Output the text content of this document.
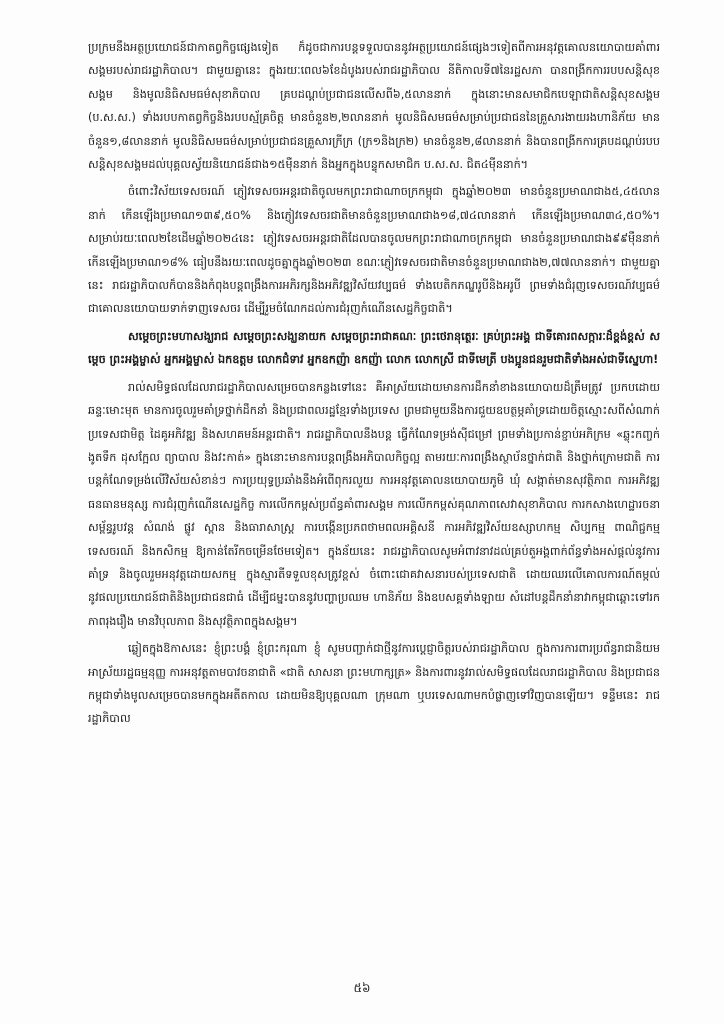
ប្រក្រមនឹងអត្ថប្រយោជន៍ជាកាតព្វកិច្ចផ្សេងទៀត ក៏ដូចជាការបន្តទទួលបាននូវអត្ថប្រយោជន៍ផ្សេងៗទៀតពីការអនុវត្តគោលនយោបាយគាំពារសង្គមរបស់រាជរដ្ឋាភិបាល។ ជាមួយគ្នានេះ ក្នុងរយៈពេល៦ខែដំបូងរបស់រាជរដ្ឋាភិបាល នីតិកាលទី៧នៃរដ្ឋសភា បានពង្រីកការរបបសន្តិសុខសង្គម និងមូលនិធិសមធម៌សុខាភិបាល គ្របដណ្តប់ប្រជាជនលើសពី៦,៥លាននាក់ ក្នុងនោះមានសមាជិកបេឡាជាតិសន្តិសុខសង្គម (ប.ស.ស.) ទាំងរបបកាតព្វកិច្ចនិងរបបស្ម័គ្រចិត្ត មានចំនួន២,២លាននាក់ មូលនិធិសមធម៌សម្រាប់ប្រជាជននៃគ្រួសារងាយរងហានិភ័យ មានចំនួន១,៨លាននាក់ មូលនិធិសមធម៌សម្រាប់ប្រជាជនគ្រួសារក្រីក្រ (ក្រ១និងក្រ២) មានចំនួន២,៨លាននាក់ និងបានពង្រីកការគ្របដណ្តប់របបសន្តិសុខសង្គមដល់បុគ្គលស្វ័យនិយោជន៍ជាង១៥ម៉ឺននាក់ និងអ្នកក្នុងបន្ទុកសមាជិក ប.ស.ស. ជិត៤ម៉ឺននាក់។

ចំពោះវិស័យទេសចរណ៍ ភ្ញៀវទេសចរអន្តរជាតិចូលមកព្រះរាជាណាចក្រកម្ពុជា ក្នុងឆ្នាំ២០២៣ មានចំនួនប្រមាណជាង៥,៤៥លាននាក់ កើនឡើងប្រមាណ១៣៩,៥០% និងភ្ញៀវទេសចរជាតិមានចំនួនប្រមាណជាង១៨,៧៤លាននាក់ កើនឡើងប្រមាណ៣៤,៥០%។ សម្រាប់រយៈពេល២ខែដើមឆ្នាំ២០២៤នេះ ភ្ញៀវទេសចរអន្តរជាតិដែលបានចូលមកព្រះរាជាណាចក្រកម្ពុជា មានចំនួនប្រមាណជាង៩៩ម៉ឺននាក់ កើនឡើងប្រមាណ១៨% ធៀបនឹងរយៈពេលដូចគ្នាក្នុងឆ្នាំ២០២៣ ខណៈភ្ញៀវទេសចរជាតិមានចំនួនប្រមាណជាង២,៧៧លាននាក់។ ជាមួយគ្នានេះ រាជរដ្ឋាភិបាលក៏បាននិងកំពុងបន្តពង្រឹងការអភិរក្សនិងអភិវឌ្ឍវិស័យវប្បធម៌ ទាំងបេតិកភណ្ឌរូបីនិងអរូបី ព្រមទាំងជំរុញទេសចរណ៍វប្បធម៌ជាគោលនយោបាយទាក់ទាញទេសចរ ដើម្បីរួមចំណែកដល់ការជំរុញកំណើនសេដ្ឋកិច្ចជាតិ។

សម្តេចព្រះមហាសង្ឃរាជ សម្តេចព្រះសង្ឃនាយក សម្តេចព្រះរាជាគណៈ ព្រះថេរានុត្ថេរៈ គ្រប់ព្រះអង្គ ជាទីគោរពសក្ការៈដ៏ខ្ពង់ខ្ពស់ សម្តេច ព្រះអង្គម្ចាស់ អ្នកអង្គម្ចាស់ ឯកឧត្តម លោកជំទាវ អ្នកឧកញ៉ា ឧកញ៉ា លោក លោកស្រី ជាទីមេត្រី បងប្អូនជនរួមជាតិទាំងអស់ជាទីស្នេហា!

រាល់សមិទ្ធផលដែលរាជរដ្ឋាភិបាលសម្រេចបានកន្លងទៅនេះ គឺអាស្រ័យដោយមានការដឹកនាំខាងនយោបាយដ៏ត្រឹមត្រូវ ប្រកបដោយឆន្ទៈមោះមុត មានការចូលរួមគាំទ្រថ្នាក់ដឹកនាំ និងប្រជាពលរដ្ឋខ្មែរទាំងប្រទេស ព្រមជាមួយនឹងការជួយឧបត្ថម្ភគាំទ្រដោយចិត្តស្មោះសពីសំណាក់ប្រទេសជាមិត្ត ដៃគូអភិវឌ្ឍ និងសហគមន៍អន្តរជាតិ។ រាជរដ្ឋាភិបាលនឹងបន្ត ធ្វើកំណែទម្រង់ស៊ីជម្រៅ ព្រមទាំងប្រកាន់ខ្ជាប់អភិក្រម «ឆ្លុះកញ្ចក់ ងូតទឹក ដុសក្អែល ព្យាបាល និងវះកាត់» ក្នុងនោះមានការបន្តពង្រឹងអភិបាលកិច្ចល្អ តាមរយៈការពង្រឹងស្ថាប័នថ្នាក់ជាតិ និងថ្នាក់ក្រោមជាតិ ការបន្តកំណែទម្រង់លើវិស័យសំខាន់ៗ ការប្រយុទ្ធប្រឆាំងនឹងអំពើពុករលួយ ការអនុវត្តគោលនយោបាយភូមិ ឃុំ សង្កាត់មានសុវត្ថិភាព ការអភិវឌ្ឍធនធានមនុស្ស ការជំរុញកំណើនសេដ្ឋកិច្ច ការលើកកម្ពស់ប្រព័ន្ធគាំពារសង្គម ការលើកកម្ពស់គុណភាពសេវាសុខាភិបាល ការកសាងហេដ្ឋារចនាសម្ព័ន្ធរូបវន្ត សំណង់ ផ្លូវ ស្ពាន និងធារាសាស្ត្រ ការបង្កើនប្រភពថាមពលអគ្គិសនី ការអភិវឌ្ឍវិស័យឧស្សាហកម្ម សិប្បកម្ម ពាណិជ្ជកម្ម ទេសចរណ៍ និងកសិកម្ម ឱ្យកាន់តែរីកចម្រើនថែមទៀត។ ក្នុងន័យនេះ រាជរដ្ឋាភិបាលសូមអំពាវនាវដល់គ្រប់តួអង្គពាក់ព័ន្ធទាំងអស់ផ្តល់នូវការគាំទ្រ និងចូលរួមអនុវត្តដោយសកម្ម ក្នុងស្មារតីទទួលខុសត្រូវខ្ពស់ ចំពោះជោគវាសនារបស់ប្រទេសជាតិ ដោយឈរលើគោលការណ៍តម្កល់នូវផលប្រយោជន៍ជាតិនិងប្រជាជនជាធំ ដើម្បីជម្នះបាននូវបញ្ហាប្រឈម ហានិភ័យ និងឧបសគ្គទាំងឡាយ សំដៅបន្តដឹកនាំនាវាកម្ពុជាឆ្ពោះទៅរកភាពរុងរឿង មានវិបុលភាព និងសុវត្ថិភាពក្នុងសង្គម។

ឆ្លៀតក្នុងឱកាសនេះ ខ្ញុំព្រះបង្គំ ខ្ញុំព្រះករុណា ខ្ញុំ សូមបញ្ជាក់ជាថ្មីនូវការប្តេជ្ញាចិត្តរបស់រាជរដ្ឋាភិបាល ក្នុងការការពារប្រព័ន្ធរាជានិយមអាស្រ័យរដ្ឋធម្មនុញ្ញ ការអនុវត្តតាមបាវចនាជាតិ «ជាតិ សាសនា ព្រះមហាក្សត្រ» និងការពារនូវរាល់សមិទ្ធផលដែលរាជរដ្ឋាភិបាល និងប្រជាជនកម្ពុជាទាំងមូលសម្រេចបានមកក្នុងអតីតកាល ដោយមិនឱ្យបុគ្គលណា ក្រុមណា ឬបរទេសណាមកបំផ្លាញទៅវិញបានឡើយ។ ទន្ទឹមនេះ រាជរដ្ឋាភិបាល

៥៦
